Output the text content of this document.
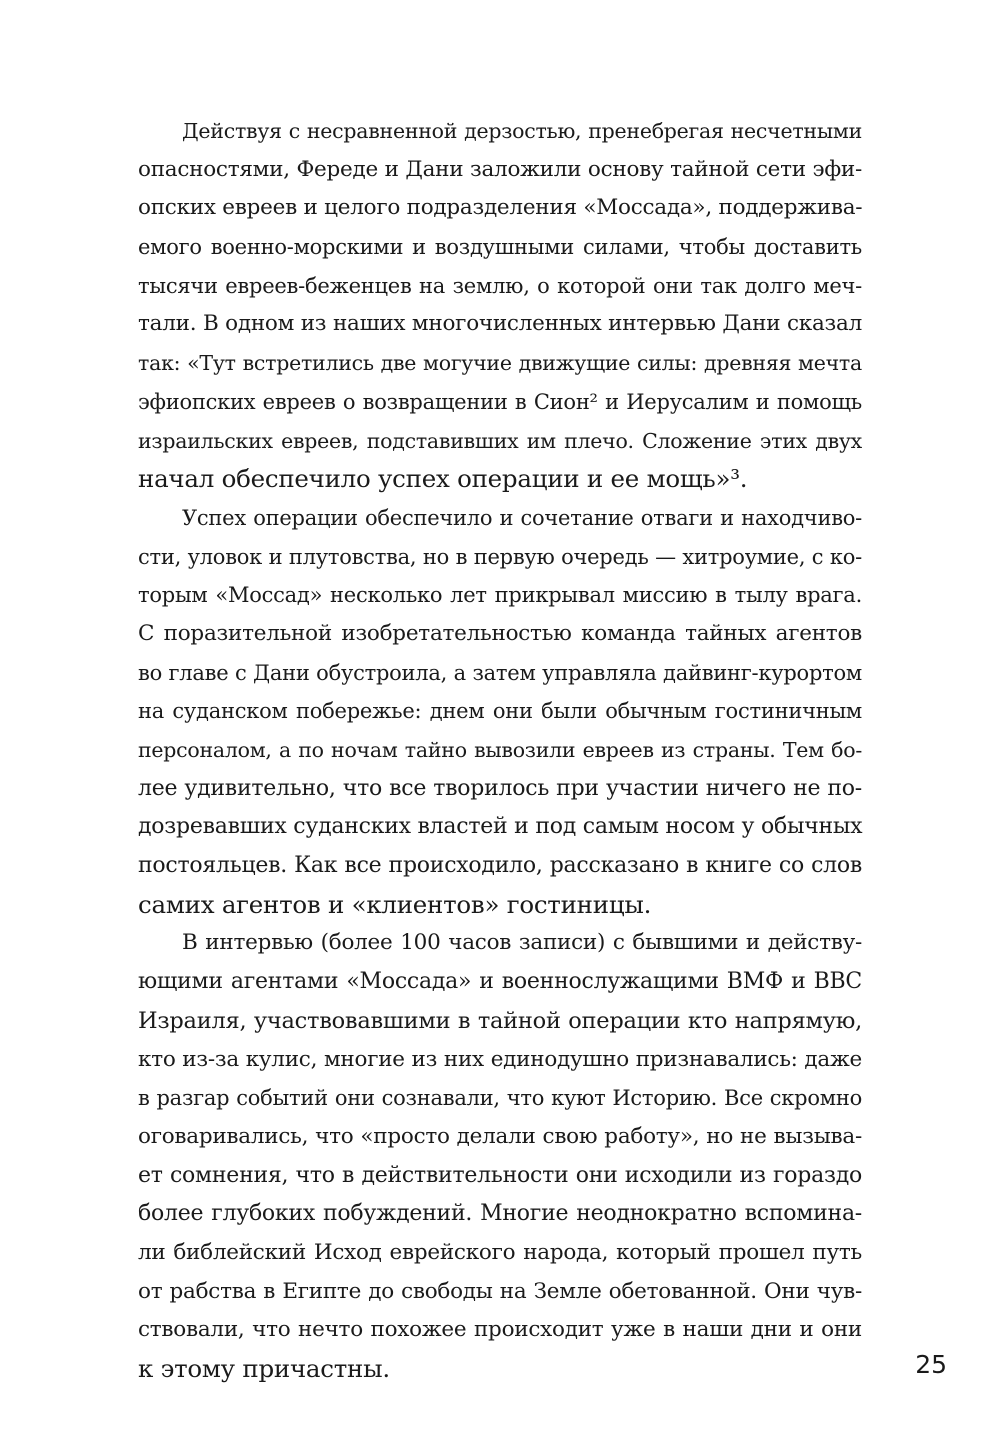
Действуя с несравненной дерзостью, пренебрегая несчетными
опасностями, Фереде и Дани заложили основу тайной сети эфи-
опских евреев и целого подразделения «Моссада», поддержива-
емого военно-морскими и воздушными силами, чтобы доставить
тысячи евреев-беженцев на землю, о которой они так долго меч-
тали. В одном из наших многочисленных интервью Дани сказал
так: «Тут встретились две могучие движущие силы: древняя мечта
эфиопских евреев о возвращении в Сион² и Иерусалим и помощь
израильских евреев, подставивших им плечо. Сложение этих двух
начал обеспечило успех операции и ее мощь»³.
Успех операции обеспечило и сочетание отваги и находчиво-
сти, уловок и плутовства, но в первую очередь — хитроумие, с ко-
торым «Моссад» несколько лет прикрывал миссию в тылу врага.
С поразительной изобретательностью команда тайных агентов
во главе с Дани обустроила, а затем управляла дайвинг-курортом
на суданском побережье: днем они были обычным гостиничным
персоналом, а по ночам тайно вывозили евреев из страны. Тем бо-
лее удивительно, что все творилось при участии ничего не по-
дозревавших суданских властей и под самым носом у обычных
постояльцев. Как все происходило, рассказано в книге со слов
самих агентов и «клиентов» гостиницы.
В интервью (более 100 часов записи) с бывшими и действу-
ющими агентами «Моссада» и военнослужащими ВМФ и ВВС
Израиля, участвовавшими в тайной операции кто напрямую,
кто из-за кулис, многие из них единодушно признавались: даже
в разгар событий они сознавали, что куют Историю. Все скромно
оговаривались, что «просто делали свою работу», но не вызыва-
ет сомнения, что в действительности они исходили из гораздо
более глубоких побуждений. Многие неоднократно вспомина-
ли библейский Исход еврейского народа, который прошел путь
от рабства в Египте до свободы на Земле обетованной. Они чув-
ствовали, что нечто похожее происходит уже в наши дни и они
к этому причастны.	25
